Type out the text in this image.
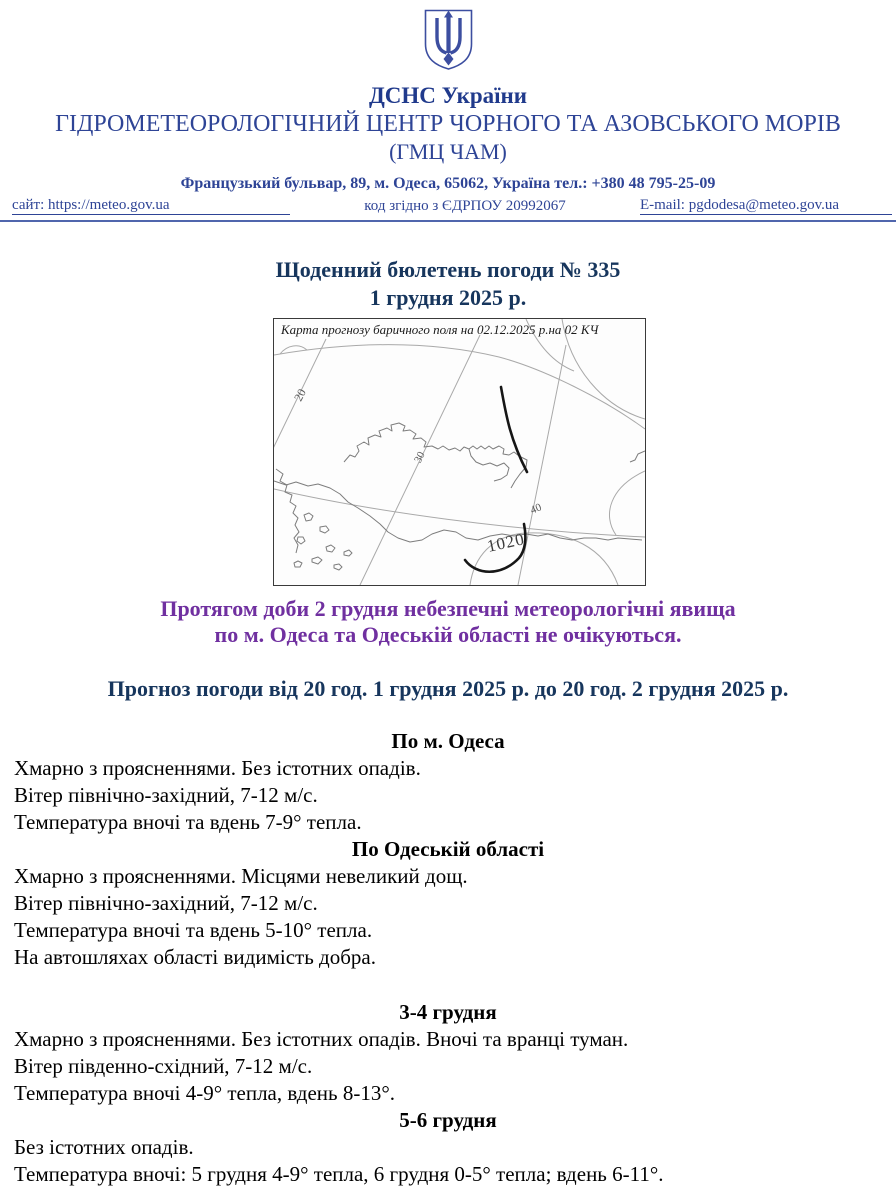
ДСНС України
ГІДРОМЕТЕОРОЛОГІЧНИЙ ЦЕНТР ЧОРНОГО ТА АЗОВСЬКОГО МОРІВ
(ГМЦ ЧАМ)
Французький бульвар, 89, м. Одеса, 65062, Україна тел.: +380 48 795-25-09
сайт: https://meteo.gov.ua	код згідно з ЄДРПОУ 20992067	E-mail: pgdodesa@meteo.gov.ua
Щоденний бюлетень погоди № 335
1 грудня 2025 р.
20
30
40
1020
Карта прогнозу баричного поля на 02.12.2025 р.на 02 КЧ
Протягом доби 2 грудня небезпечні метеорологічні явища
по м. Одеса та Одеській області не очікуються.
Прогноз погоди від 20 год. 1 грудня 2025 р. до 20 год. 2 грудня 2025 р.

По м. Одеса

Хмарно з проясненнями. Без істотних опадів.

Вітер північно-західний, 7-12 м/с.

Температура вночі та вдень 7-9° тепла.

По Одеській області

Хмарно з проясненнями. Місцями невеликий дощ.

Вітер північно-західний, 7-12 м/с.

Температура вночі та вдень 5-10° тепла.

На автошляхах області видимість добра.

3-4 грудня

Хмарно з проясненнями. Без істотних опадів. Вночі та вранці туман.

Вітер південно-східний, 7-12 м/с.

Температура вночі 4-9° тепла, вдень 8-13°.

5-6 грудня

Без істотних опадів.

Температура вночі: 5 грудня 4-9° тепла, 6 грудня 0-5° тепла; вдень 6-11°.
